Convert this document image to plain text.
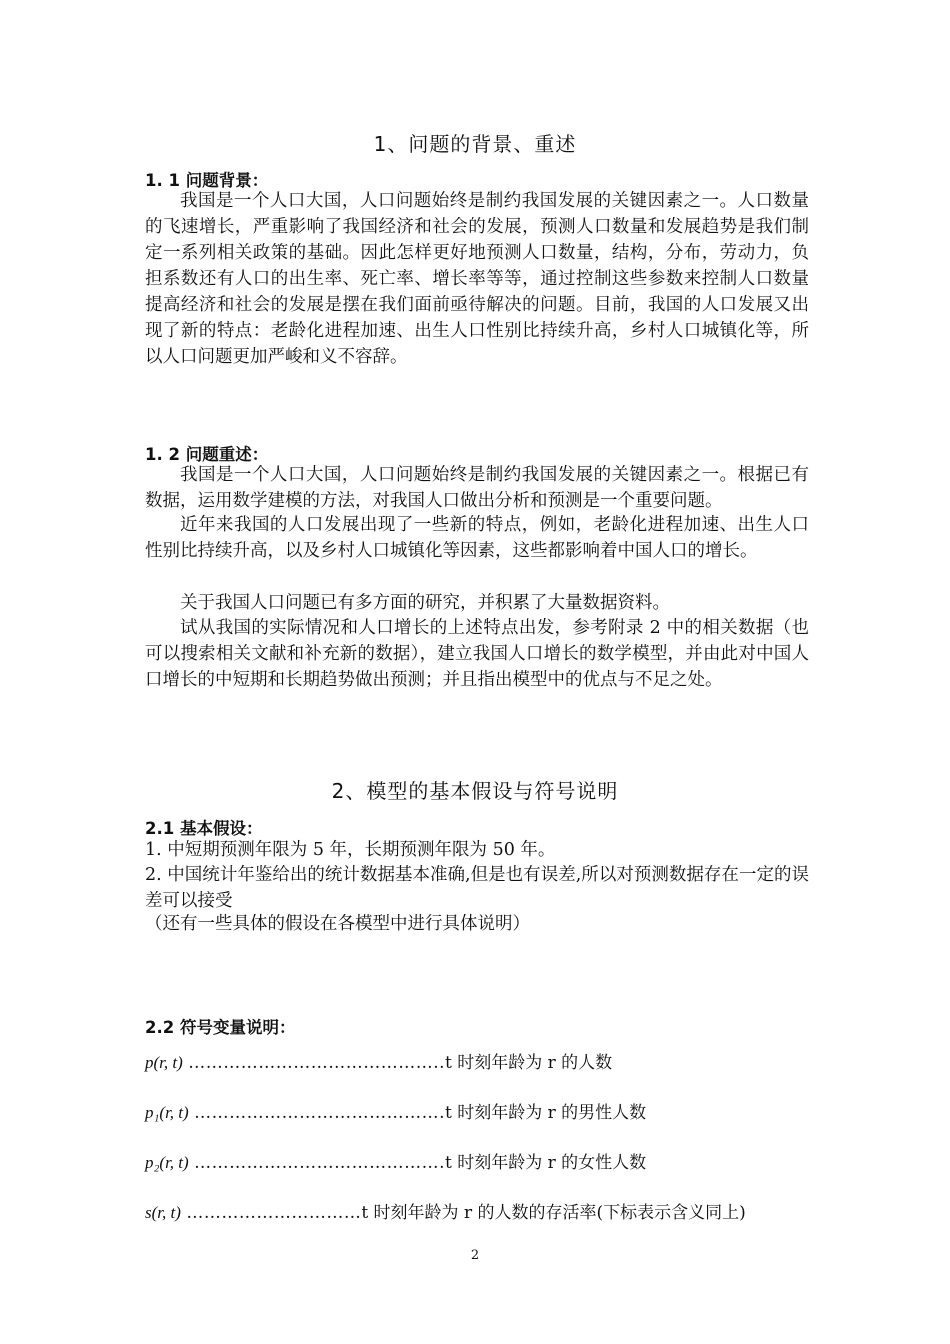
1、问题的背景、重述
1. 1 问题背景：

我国是一个人口大国，人口问题始终是制约我国发展的关键因素之一。人口数量的飞速增长，严重影响了我国经济和社会的发展，预测人口数量和发展趋势是我们制定一系列相关政策的基础。因此怎样更好地预测人口数量，结构，分布，劳动力，负担系数还有人口的出生率、死亡率、增长率等等，通过控制这些参数来控制人口数量提高经济和社会的发展是摆在我们面前亟待解决的问题。目前，我国的人口发展又出现了新的特点：老龄化进程加速、出生人口性别比持续升高，乡村人口城镇化等，所以人口问题更加严峻和义不容辞。

1. 2 问题重述：

我国是一个人口大国，人口问题始终是制约我国发展的关键因素之一。根据已有数据，运用数学建模的方法，对我国人口做出分析和预测是一个重要问题。

近年来我国的人口发展出现了一些新的特点，例如，老龄化进程加速、出生人口性别比持续升高，以及乡村人口城镇化等因素，这些都影响着中国人口的增长。

关于我国人口问题已有多方面的研究，并积累了大量数据资料。

试从我国的实际情况和人口增长的上述特点出发，参考附录 2 中的相关数据（也可以搜索相关文献和补充新的数据），建立我国人口增长的数学模型，并由此对中国人口增长的中短期和长期趋势做出预测；并且指出模型中的优点与不足之处。

2、模型的基本假设与符号说明
2.1 基本假设：
1. 中短期预测年限为 5 年，长期预测年限为 50 年。

2. 中国统计年鉴给出的统计数据基本准确,但是也有误差,所以对预测数据存在一定的误差可以接受

（还有一些具体的假设在各模型中进行具体说明）
2.2 符号变量说明：
p(r, t) ……………………………………..t 时刻年龄为 r 的人数
p₁(r, t) …………………………………….t 时刻年龄为 r 的男性人数
p₂(r, t) …………………………………….t 时刻年龄为 r 的女性人数
s(r, t) …………………………t 时刻年龄为 r 的人数的存活率(下标表示含义同上)
2
